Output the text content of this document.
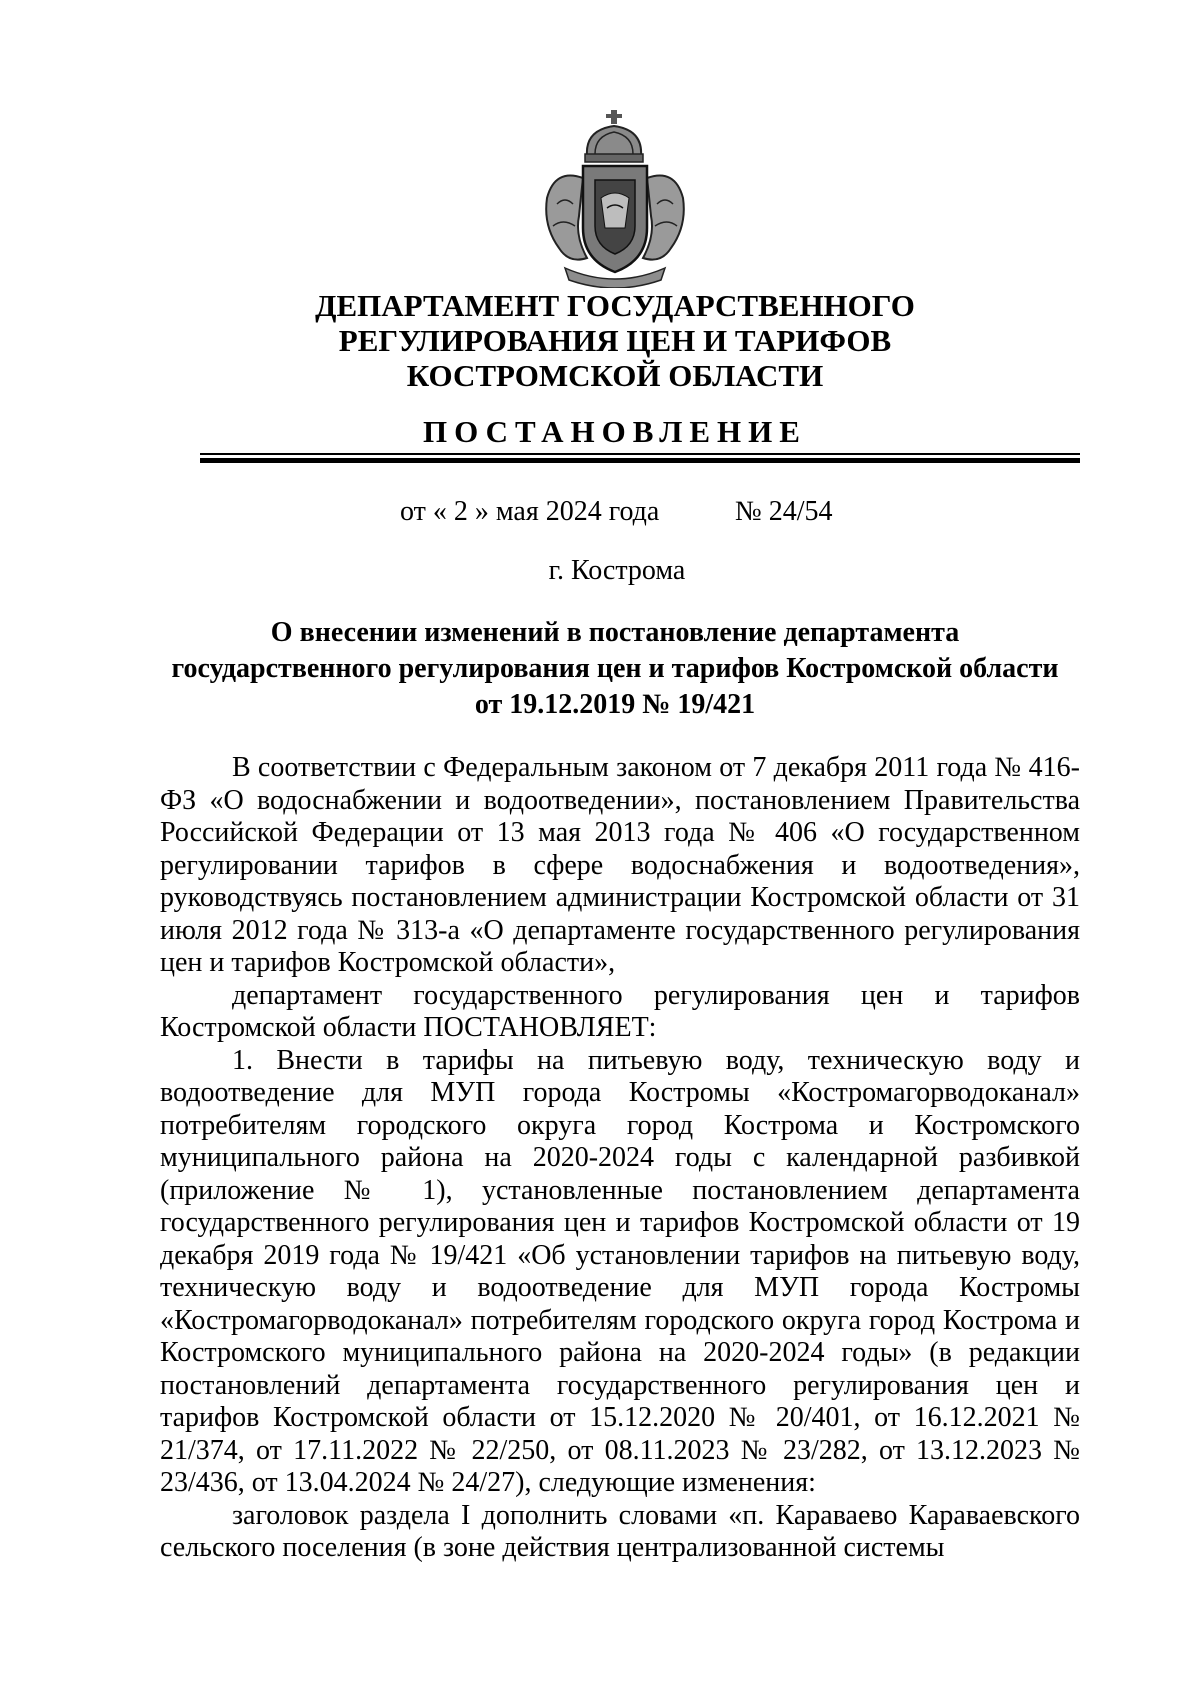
ДЕПАРТАМЕНТ ГОСУДАРСТВЕННОГО
РЕГУЛИРОВАНИЯ ЦЕН И ТАРИФОВ
КОСТРОМСКОЙ ОБЛАСТИ
ПОСТАНОВЛЕНИЕ
от « 2 » мая 2024 года	№ 24/54
г. Кострома
О внесении изменений в постановление департамента
государственного регулирования цен и тарифов Костромской области
от 19.12.2019 № 19/421

В соответствии с Федеральным законом от 7 декабря 2011 года № 416-ФЗ «О водоснабжении и водоотведении», постановлением Правительства Российской Федерации от 13 мая 2013 года № 406 «О государственном регулировании тарифов в сфере водоснабжения и водоотведения», руководствуясь постановлением администрации Костромской области от 31 июля 2012 года № 313-а «О департаменте государственного регулирования цен и тарифов Костромской области»,

департамент государственного регулирования цен и тарифов Костромской области ПОСТАНОВЛЯЕТ:

1. Внести в тарифы на питьевую воду, техническую воду и водоотведение для МУП города Костромы «Костромагорводоканал» потребителям городского округа город Кострома и Костромского муниципального района на 2020-2024 годы с календарной разбивкой (приложение № 1), установленные постановлением департамента государственного регулирования цен и тарифов Костромской области от 19 декабря 2019 года № 19/421 «Об установлении тарифов на питьевую воду, техническую воду и водоотведение для МУП города Костромы «Костромагорводоканал» потребителям городского округа город Кострома и Костромского муниципального района на 2020-2024 годы» (в редакции постановлений департамента государственного регулирования цен и тарифов Костромской области от 15.12.2020 № 20/401, от 16.12.2021 № 21/374, от 17.11.2022 № 22/250, от 08.11.2023 № 23/282, от 13.12.2023 № 23/436, от 13.04.2024 № 24/27), следующие изменения:

заголовок раздела I дополнить словами «п. Караваево Караваевского сельского поселения (в зоне действия централизованной системы
